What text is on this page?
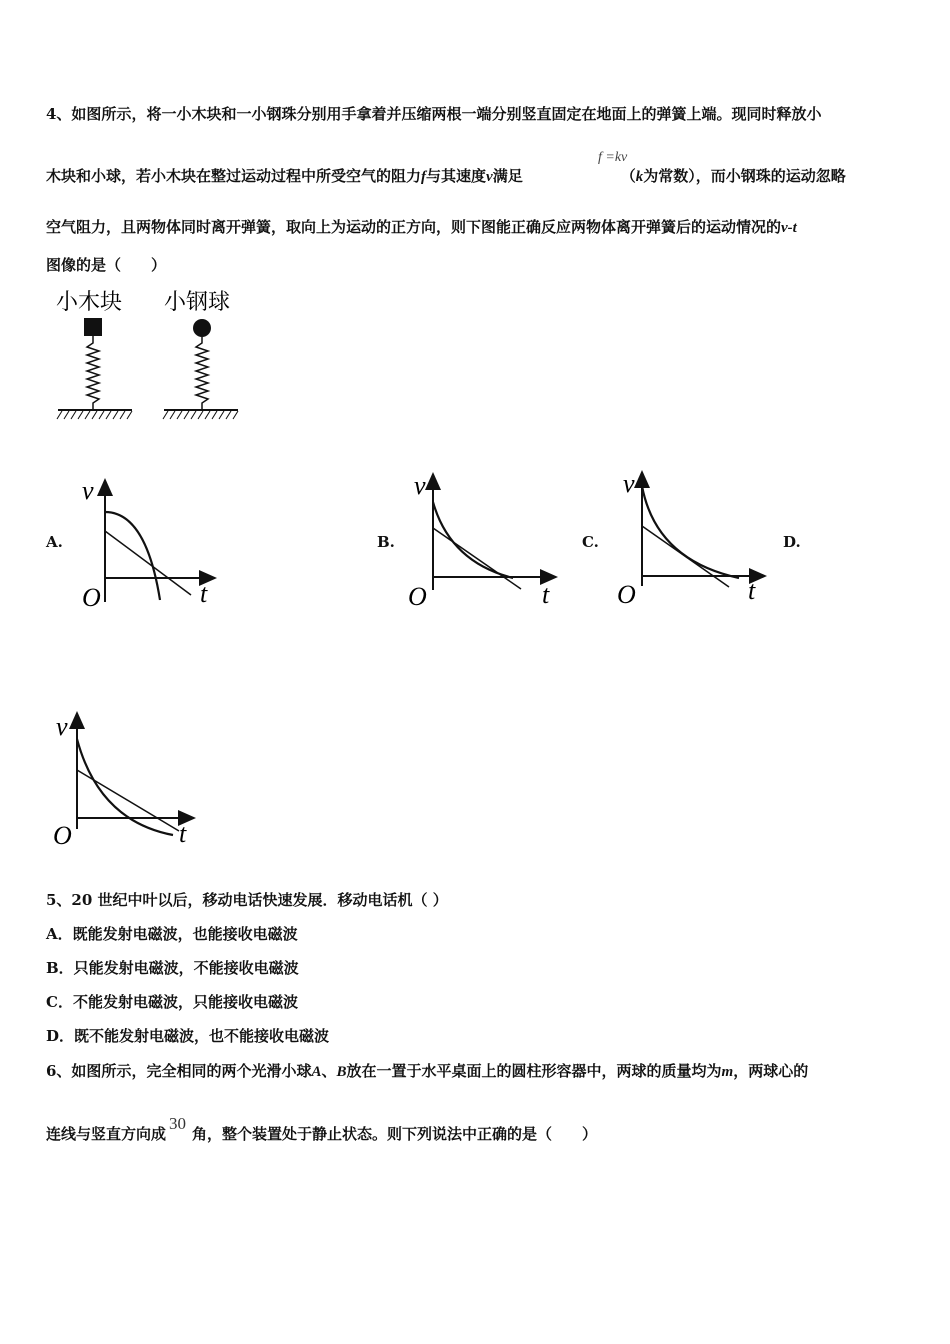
4、如图所示，将一小木块和一小钢珠分别用手拿着并压缩两根一端分别竖直固定在地面上的弹簧上端。现同时释放小
木块和小球，若小木块在整过运动过程中所受空气的阻力f与其速度v满足	（k为常数），而小钢珠的运动忽略
f =kv
空气阻力，且两物体同时离开弹簧，取向上为运动的正方向，则下图能正确反应两物体离开弹簧后的运动情况的v-t
图像的是（　　）
小木块 小钢球
A.	B.	C.	D.
v
O	t
v
O	t
v
O	t
v
O	t
5、20 世纪中叶以后，移动电话快速发展．移动电话机（ ）
A．既能发射电磁波，也能接收电磁波
B．只能发射电磁波，不能接收电磁波
C．不能发射电磁波，只能接收电磁波
D．既不能发射电磁波，也不能接收电磁波
6、如图所示，完全相同的两个光滑小球A、B放在一置于水平桌面上的圆柱形容器中，两球的质量均为m，两球心的
连线与竖直方向成30角，整个装置处于静止状态。则下列说法中正确的是（　　）
